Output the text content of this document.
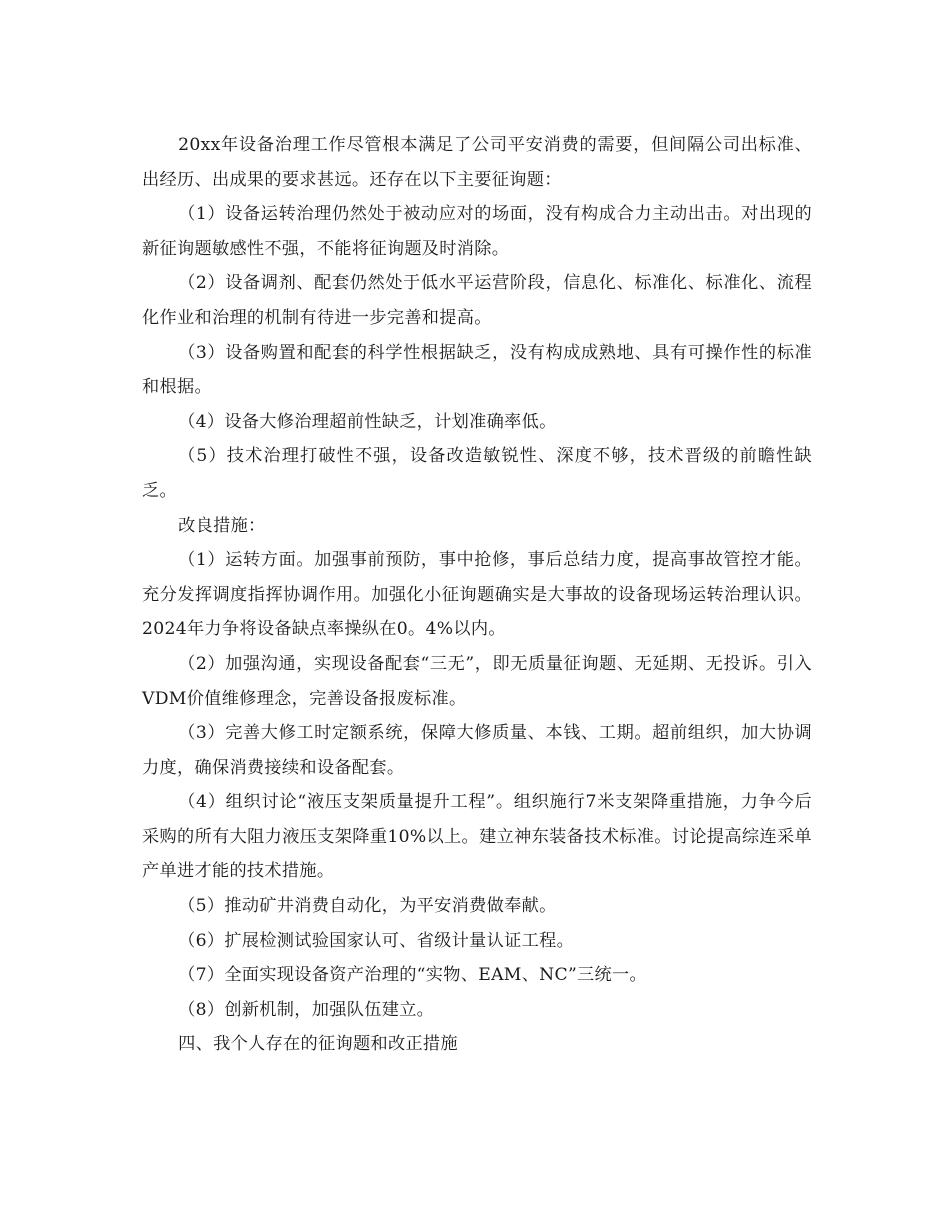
20xx年设备治理工作尽管根本满足了公司平安消费的需要，但间隔公司出标准、出经历、出成果的要求甚远。还存在以下主要征询题：

（1）设备运转治理仍然处于被动应对的场面，没有构成合力主动出击。对出现的新征询题敏感性不强，不能将征询题及时消除。

（2）设备调剂、配套仍然处于低水平运营阶段，信息化、标准化、标准化、流程化作业和治理的机制有待进一步完善和提高。

（3）设备购置和配套的科学性根据缺乏，没有构成成熟地、具有可操作性的标准和根据。

（4）设备大修治理超前性缺乏，计划准确率低。

（5）技术治理打破性不强，设备改造敏锐性、深度不够，技术晋级的前瞻性缺乏。

改良措施：

（1）运转方面。加强事前预防，事中抢修，事后总结力度，提高事故管控才能。充分发挥调度指挥协调作用。加强化小征询题确实是大事故的设备现场运转治理认识。2024年力争将设备缺点率操纵在0。4%以内。

（2）加强沟通，实现设备配套“三无”，即无质量征询题、无延期、无投诉。引入VDM价值维修理念，完善设备报废标准。

（3）完善大修工时定额系统，保障大修质量、本钱、工期。超前组织，加大协调力度，确保消费接续和设备配套。

（4）组织讨论“液压支架质量提升工程”。组织施行7米支架降重措施，力争今后采购的所有大阻力液压支架降重10%以上。建立神东装备技术标准。讨论提高综连采单产单进才能的技术措施。

（5）推动矿井消费自动化，为平安消费做奉献。

（6）扩展检测试验国家认可、省级计量认证工程。

（7）全面实现设备资产治理的“实物、EAM、NC”三统一。

（8）创新机制，加强队伍建立。

四、我个人存在的征询题和改正措施
